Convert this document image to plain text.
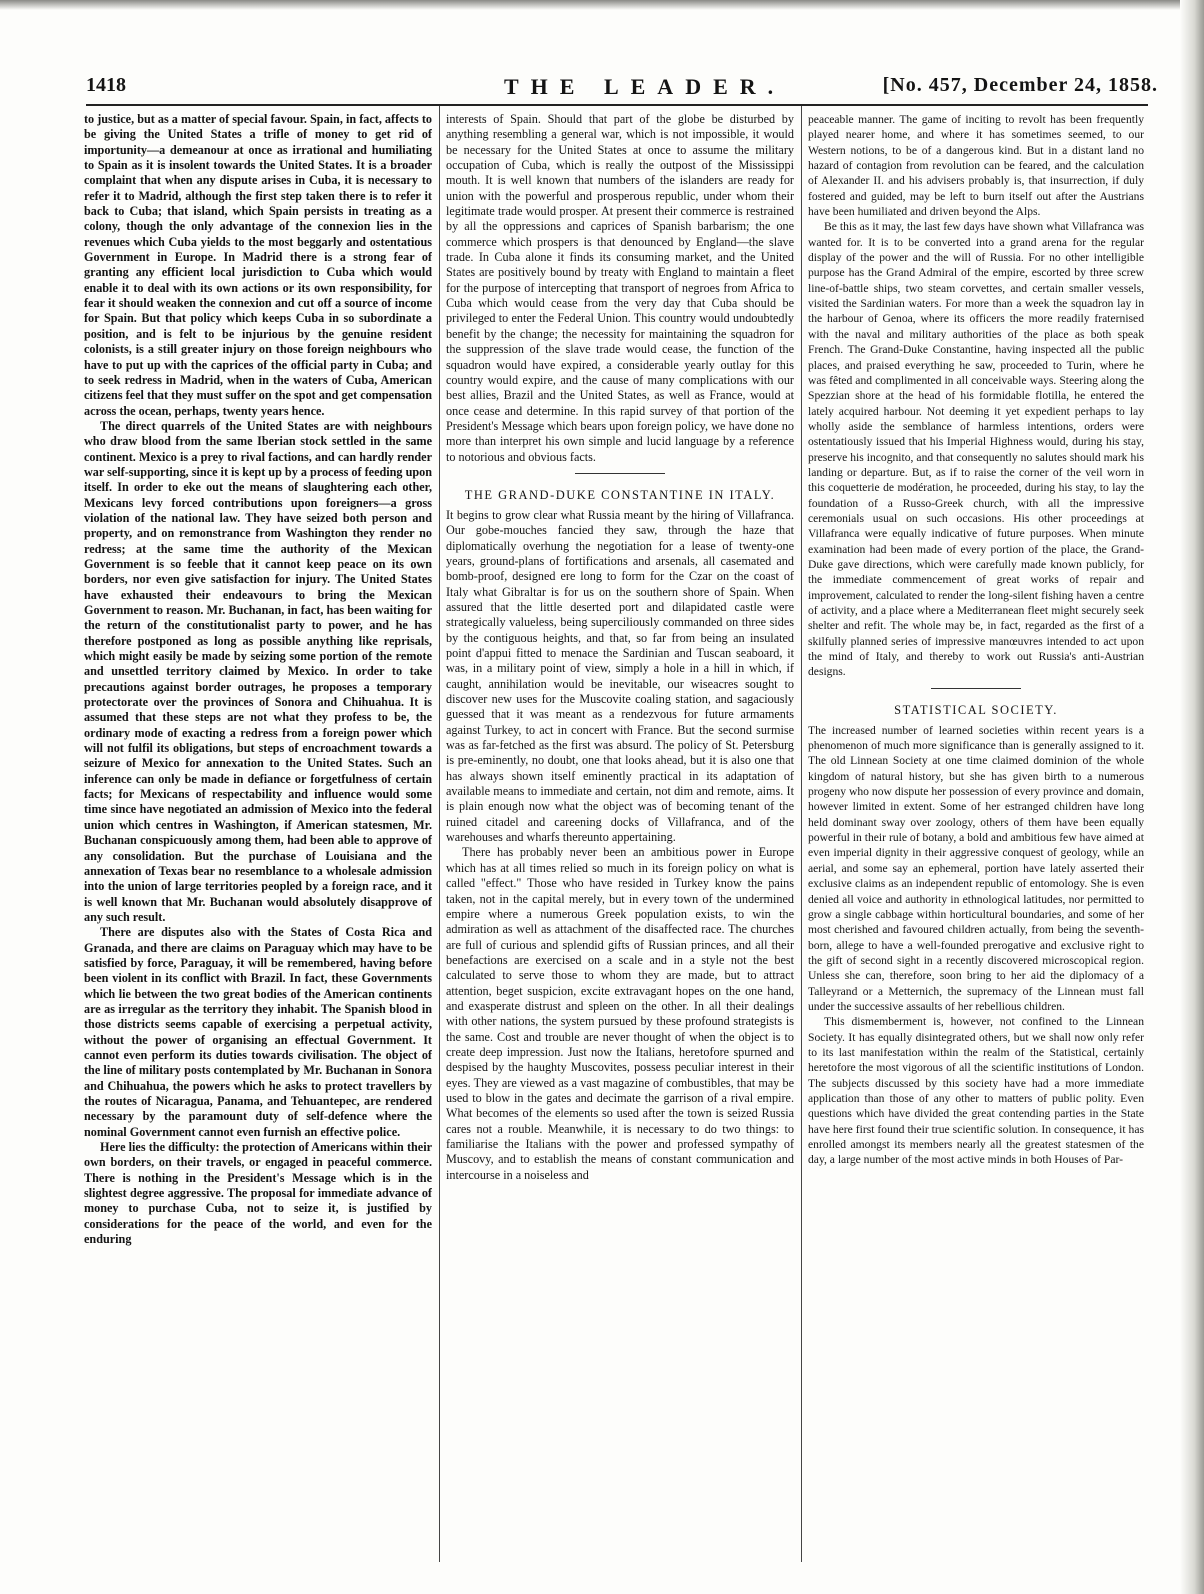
1418	THE LEADER.	[No. 457, December 24, 1858.

to justice, but as a matter of special favour. Spain, in fact, affects to be giving the United States a trifle of money to get rid of importunity—a demeanour at once as irrational and humiliating to Spain as it is insolent towards the United States. It is a broader complaint that when any dispute arises in Cuba, it is necessary to refer it to Madrid, although the first step taken there is to refer it back to Cuba; that island, which Spain persists in treating as a colony, though the only advantage of the connexion lies in the revenues which Cuba yields to the most beggarly and ostentatious Government in Europe. In Madrid there is a strong fear of granting any efficient local jurisdiction to Cuba which would enable it to deal with its own actions or its own responsibility, for fear it should weaken the connexion and cut off a source of income for Spain. But that policy which keeps Cuba in so subordinate a position, and is felt to be injurious by the genuine resident colonists, is a still greater injury on those foreign neighbours who have to put up with the caprices of the official party in Cuba; and to seek redress in Madrid, when in the waters of Cuba, American citizens feel that they must suffer on the spot and get compensation across the ocean, perhaps, twenty years hence.

The direct quarrels of the United States are with neighbours who draw blood from the same Iberian stock settled in the same continent. Mexico is a prey to rival factions, and can hardly render war self-supporting, since it is kept up by a process of feeding upon itself. In order to eke out the means of slaughtering each other, Mexicans levy forced contributions upon foreigners—a gross violation of the national law. They have seized both person and property, and on remonstrance from Washington they render no redress; at the same time the authority of the Mexican Government is so feeble that it cannot keep peace on its own borders, nor even give satisfaction for injury. The United States have exhausted their endeavours to bring the Mexican Government to reason. Mr. Buchanan, in fact, has been waiting for the return of the constitutionalist party to power, and he has therefore postponed as long as possible anything like reprisals, which might easily be made by seizing some portion of the remote and unsettled territory claimed by Mexico. In order to take precautions against border outrages, he proposes a temporary protectorate over the provinces of Sonora and Chihuahua. It is assumed that these steps are not what they profess to be, the ordinary mode of exacting a redress from a foreign power which will not fulfil its obligations, but steps of encroachment towards a seizure of Mexico for annexation to the United States. Such an inference can only be made in defiance or forgetfulness of certain facts; for Mexicans of respectability and influence would some time since have negotiated an admission of Mexico into the federal union which centres in Washington, if American statesmen, Mr. Buchanan conspicuously among them, had been able to approve of any consolidation. But the purchase of Louisiana and the annexation of Texas bear no resemblance to a wholesale admission into the union of large territories peopled by a foreign race, and it is well known that Mr. Buchanan would absolutely disapprove of any such result.

There are disputes also with the States of Costa Rica and Granada, and there are claims on Paraguay which may have to be satisfied by force, Paraguay, it will be remembered, having before been violent in its conflict with Brazil. In fact, these Governments which lie between the two great bodies of the American continents are as irregular as the territory they inhabit. The Spanish blood in those districts seems capable of exercising a perpetual activity, without the power of organising an effectual Government. It cannot even perform its duties towards civilisation. The object of the line of military posts contemplated by Mr. Buchanan in Sonora and Chihuahua, the powers which he asks to protect travellers by the routes of Nicaragua, Panama, and Tehuantepec, are rendered necessary by the paramount duty of self-defence where the nominal Government cannot even furnish an effective police.

Here lies the difficulty: the protection of Americans within their own borders, on their travels, or engaged in peaceful commerce. There is nothing in the President's Message which is in the slightest degree aggressive. The proposal for immediate advance of money to purchase Cuba, not to seize it, is justified by considerations for the peace of the world, and even for the enduring

interests of Spain. Should that part of the globe be disturbed by anything resembling a general war, which is not impossible, it would be necessary for the United States at once to assume the military occupation of Cuba, which is really the outpost of the Mississippi mouth. It is well known that numbers of the islanders are ready for union with the powerful and prosperous republic, under whom their legitimate trade would prosper. At present their commerce is restrained by all the oppressions and caprices of Spanish barbarism; the one commerce which prospers is that denounced by England—the slave trade. In Cuba alone it finds its consuming market, and the United States are positively bound by treaty with England to maintain a fleet for the purpose of intercepting that transport of negroes from Africa to Cuba which would cease from the very day that Cuba should be privileged to enter the Federal Union. This country would undoubtedly benefit by the change; the necessity for maintaining the squadron for the suppression of the slave trade would cease, the function of the squadron would have expired, a considerable yearly outlay for this country would expire, and the cause of many complications with our best allies, Brazil and the United States, as well as France, would at once cease and determine. In this rapid survey of that portion of the President's Message which bears upon foreign policy, we have done no more than interpret his own simple and lucid language by a reference to notorious and obvious facts.

THE GRAND-DUKE CONSTANTINE IN ITALY.

It begins to grow clear what Russia meant by the hiring of Villafranca. Our gobe-mouches fancied they saw, through the haze that diplomatically overhung the negotiation for a lease of twenty-one years, ground-plans of fortifications and arsenals, all casemated and bomb-proof, designed ere long to form for the Czar on the coast of Italy what Gibraltar is for us on the southern shore of Spain. When assured that the little deserted port and dilapidated castle were strategically valueless, being superciliously commanded on three sides by the contiguous heights, and that, so far from being an insulated point d'appui fitted to menace the Sardinian and Tuscan seaboard, it was, in a military point of view, simply a hole in a hill in which, if caught, annihilation would be inevitable, our wiseacres sought to discover new uses for the Muscovite coaling station, and sagaciously guessed that it was meant as a rendezvous for future armaments against Turkey, to act in concert with France. But the second surmise was as far-fetched as the first was absurd. The policy of St. Petersburg is pre-eminently, no doubt, one that looks ahead, but it is also one that has always shown itself eminently practical in its adaptation of available means to immediate and certain, not dim and remote, aims. It is plain enough now what the object was of becoming tenant of the ruined citadel and careening docks of Villafranca, and of the warehouses and wharfs thereunto appertaining.

There has probably never been an ambitious power in Europe which has at all times relied so much in its foreign policy on what is called "effect." Those who have resided in Turkey know the pains taken, not in the capital merely, but in every town of the undermined empire where a numerous Greek population exists, to win the admiration as well as attachment of the disaffected race. The churches are full of curious and splendid gifts of Russian princes, and all their benefactions are exercised on a scale and in a style not the best calculated to serve those to whom they are made, but to attract attention, beget suspicion, excite extravagant hopes on the one hand, and exasperate distrust and spleen on the other. In all their dealings with other nations, the system pursued by these profound strategists is the same. Cost and trouble are never thought of when the object is to create deep impression. Just now the Italians, heretofore spurned and despised by the haughty Muscovites, possess peculiar interest in their eyes. They are viewed as a vast magazine of combustibles, that may be used to blow in the gates and decimate the garrison of a rival empire. What becomes of the elements so used after the town is seized Russia cares not a rouble. Meanwhile, it is necessary to do two things: to familiarise the Italians with the power and professed sympathy of Muscovy, and to establish the means of constant communication and intercourse in a noiseless and

peaceable manner. The game of inciting to revolt has been frequently played nearer home, and where it has sometimes seemed, to our Western notions, to be of a dangerous kind. But in a distant land no hazard of contagion from revolution can be feared, and the calculation of Alexander II. and his advisers probably is, that insurrection, if duly fostered and guided, may be left to burn itself out after the Austrians have been humiliated and driven beyond the Alps.

Be this as it may, the last few days have shown what Villafranca was wanted for. It is to be converted into a grand arena for the regular display of the power and the will of Russia. For no other intelligible purpose has the Grand Admiral of the empire, escorted by three screw line-of-battle ships, two steam corvettes, and certain smaller vessels, visited the Sardinian waters. For more than a week the squadron lay in the harbour of Genoa, where its officers the more readily fraternised with the naval and military authorities of the place as both speak French. The Grand-Duke Constantine, having inspected all the public places, and praised everything he saw, proceeded to Turin, where he was fêted and complimented in all conceivable ways. Steering along the Spezzian shore at the head of his formidable flotilla, he entered the lately acquired harbour. Not deeming it yet expedient perhaps to lay wholly aside the semblance of harmless intentions, orders were ostentatiously issued that his Imperial Highness would, during his stay, preserve his incognito, and that consequently no salutes should mark his landing or departure. But, as if to raise the corner of the veil worn in this coquetterie de modération, he proceeded, during his stay, to lay the foundation of a Russo-Greek church, with all the impressive ceremonials usual on such occasions. His other proceedings at Villafranca were equally indicative of future purposes. When minute examination had been made of every portion of the place, the Grand-Duke gave directions, which were carefully made known publicly, for the immediate commencement of great works of repair and improvement, calculated to render the long-silent fishing haven a centre of activity, and a place where a Mediterranean fleet might securely seek shelter and refit. The whole may be, in fact, regarded as the first of a skilfully planned series of impressive manœuvres intended to act upon the mind of Italy, and thereby to work out Russia's anti-Austrian designs.

STATISTICAL SOCIETY.

The increased number of learned societies within recent years is a phenomenon of much more significance than is generally assigned to it. The old Linnean Society at one time claimed dominion of the whole kingdom of natural history, but she has given birth to a numerous progeny who now dispute her possession of every province and domain, however limited in extent. Some of her estranged children have long held dominant sway over zoology, others of them have been equally powerful in their rule of botany, a bold and ambitious few have aimed at even imperial dignity in their aggressive conquest of geology, while an aerial, and some say an ephemeral, portion have lately asserted their exclusive claims as an independent republic of entomology. She is even denied all voice and authority in ethnological latitudes, nor permitted to grow a single cabbage within horticultural boundaries, and some of her most cherished and favoured children actually, from being the seventh-born, allege to have a well-founded prerogative and exclusive right to the gift of second sight in a recently discovered microscopical region. Unless she can, therefore, soon bring to her aid the diplomacy of a Talleyrand or a Metternich, the supremacy of the Linnean must fall under the successive assaults of her rebellious children.

This dismemberment is, however, not confined to the Linnean Society. It has equally disintegrated others, but we shall now only refer to its last manifestation within the realm of the Statistical, certainly heretofore the most vigorous of all the scientific institutions of London. The subjects discussed by this society have had a more immediate application than those of any other to matters of public polity. Even questions which have divided the great contending parties in the State have here first found their true scientific solution. In consequence, it has enrolled amongst its members nearly all the greatest statesmen of the day, a large number of the most active minds in both Houses of Par-
